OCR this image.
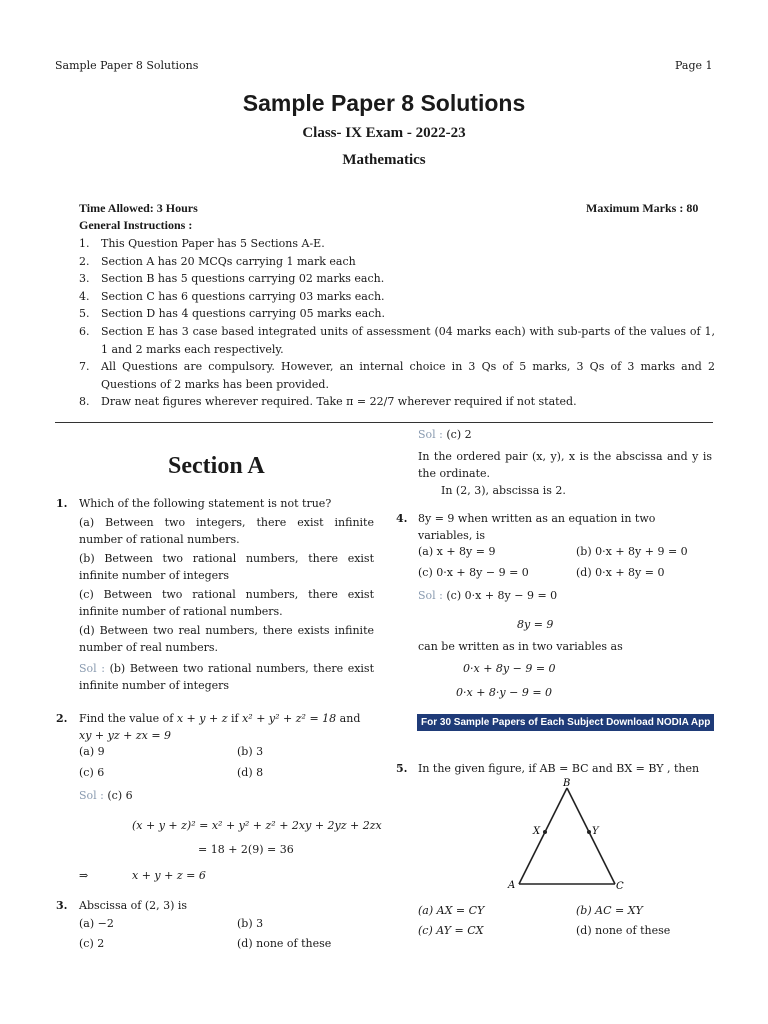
Sample Paper 8 Solutions	Page 1
Sample Paper 8 Solutions
Class- IX Exam - 2022-23
Mathematics
Time Allowed: 3 Hours	Maximum Marks : 80
General Instructions :
1.	This Question Paper has 5 Sections A-E.
2.	Section A has 20 MCQs carrying 1 mark each
3.	Section B has 5 questions carrying 02 marks each.
4.	Section C has 6 questions carrying 03 marks each.
5.	Section D has 4 questions carrying 05 marks each.
6.	Section E has 3 case based integrated units of assessment (04 marks each) with sub-parts of the values of 1, 1 and 2 marks each respectively.
7.	All Questions are compulsory. However, an internal choice in 3 Qs of 5 marks, 3 Qs of 3 marks and 2 Questions of 2 marks has been provided.
8.	Draw neat figures wherever required. Take π = 22/7 wherever required if not stated.
Section A
1. Which of the following statement is not true?
(a) Between two integers, there exist infinite number of rational numbers.
(b) Between two rational numbers, there exist infinite number of integers
(c) Between two rational numbers, there exist infinite number of rational numbers.
(d) Between two real numbers, there exists infinite number of real numbers.
Sol : (b) Between two rational numbers, there exist infinite number of integers
2. Find the value of x + y + z if x² + y² + z² = 18 and
xy + yz + zx = 9
(a) 9	(b) 3
(c) 6	(d) 8
Sol : (c) 6
(x + y + z)² = x² + y² + z² + 2xy + 2yz + 2zx
= 18 + 2(9) = 36
⇒	x + y + z = 6
3. Abscissa of (2, 3) is
(a) −2	(b) 3
(c) 2	(d) none of these
Sol : (c) 2
In the ordered pair (x, y), x is the abscissa and y is the ordinate.
In (2, 3), abscissa is 2.
4. 8y = 9 when written as an equation in two variables, is
(a) x + 8y = 9	(b) 0·x + 8y + 9 = 0
(c) 0·x + 8y − 9 = 0	(d) 0·x + 8y = 0
Sol : (c) 0·x + 8y − 9 = 0
8y = 9
can be written as in two variables as
0·x + 8y − 9 = 0
0·x + 8·y − 9 = 0
For 30 Sample Papers of Each Subject Download NODIA App
5. In the given figure, if AB = BC and BX = BY , then
B
A	C
X	Y
(a) AX = CY	(b) AC = XY
(c) AY = CX	(d) none of these
